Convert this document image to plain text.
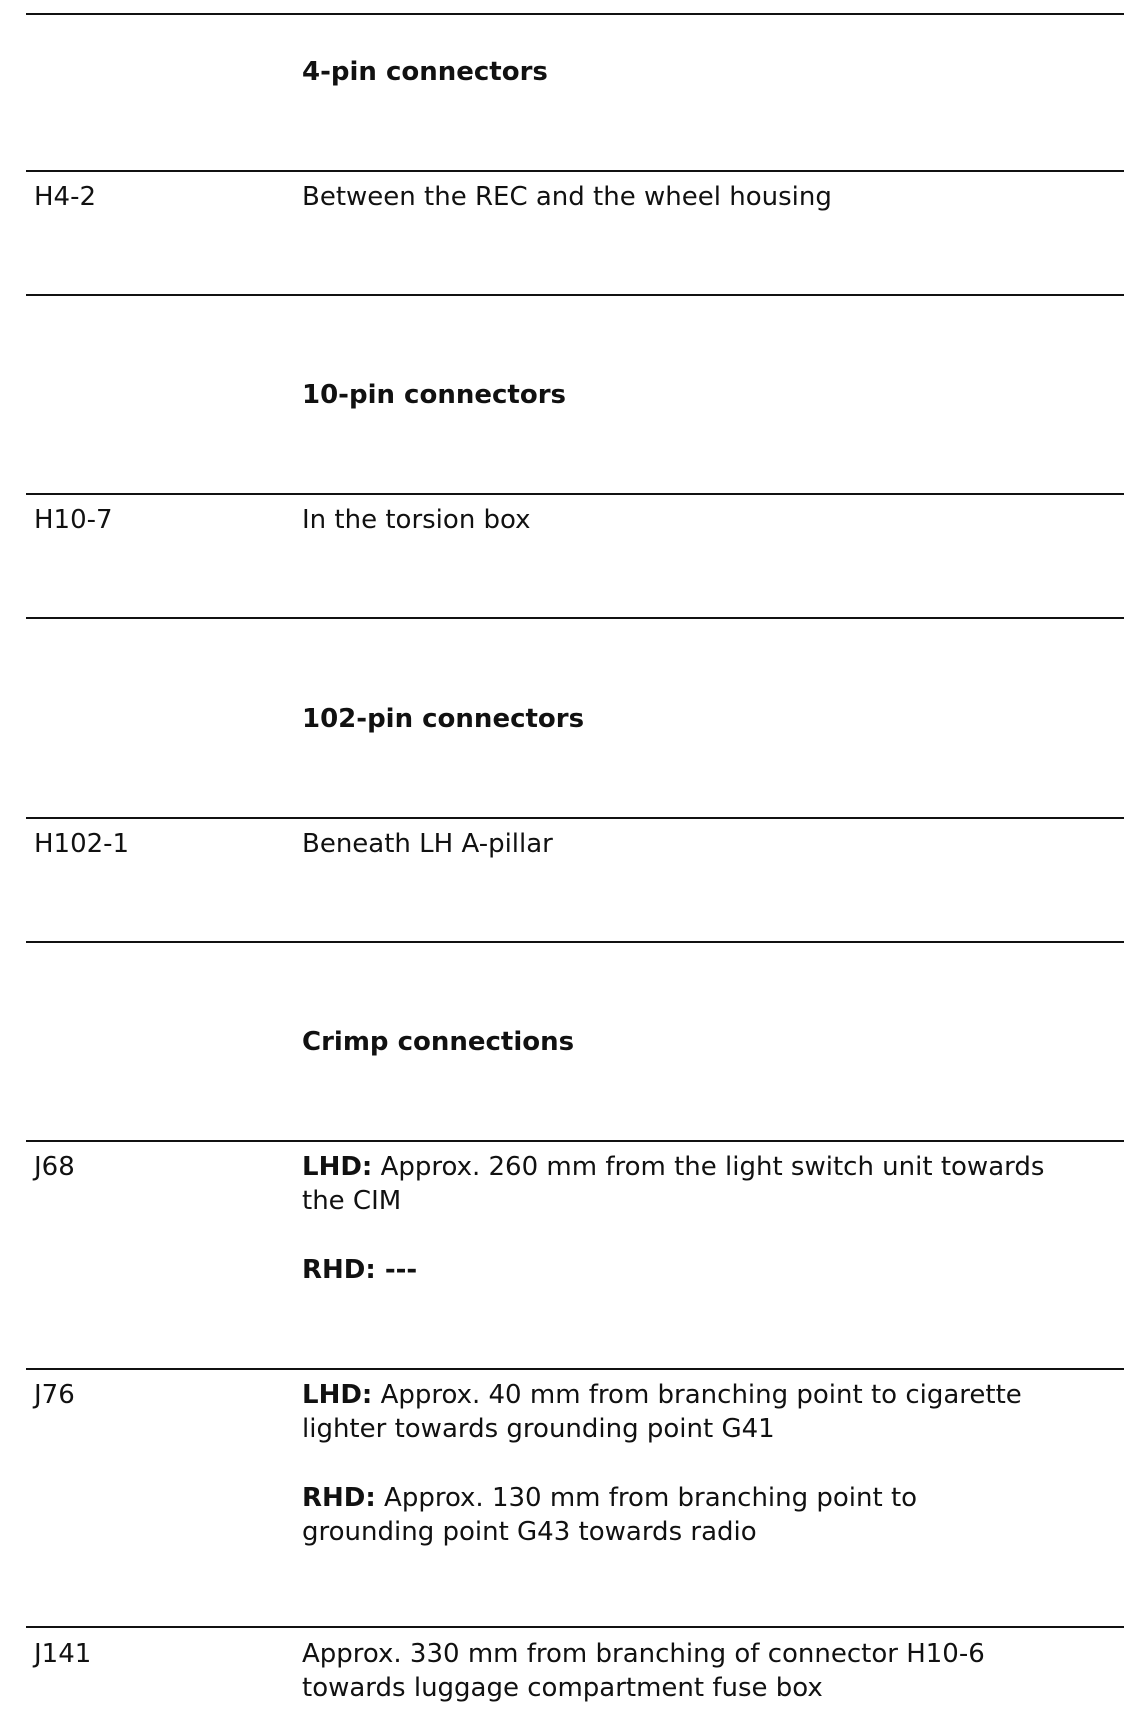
4-pin connectors
H4-2	Between the REC and the wheel housing
10-pin connectors
H10-7	In the torsion box
102-pin connectors
H102-1	Beneath LH A-pillar
Crimp connections
J68	LHD: Approx. 260 mm from the light switch unit towards
the CIM
RHD: ---
J76	LHD: Approx. 40 mm from branching point to cigarette
lighter towards grounding point G41
RHD: Approx. 130 mm from branching point to
grounding point G43 towards radio
J141	Approx. 330 mm from branching of connector H10-6
towards luggage compartment fuse box
